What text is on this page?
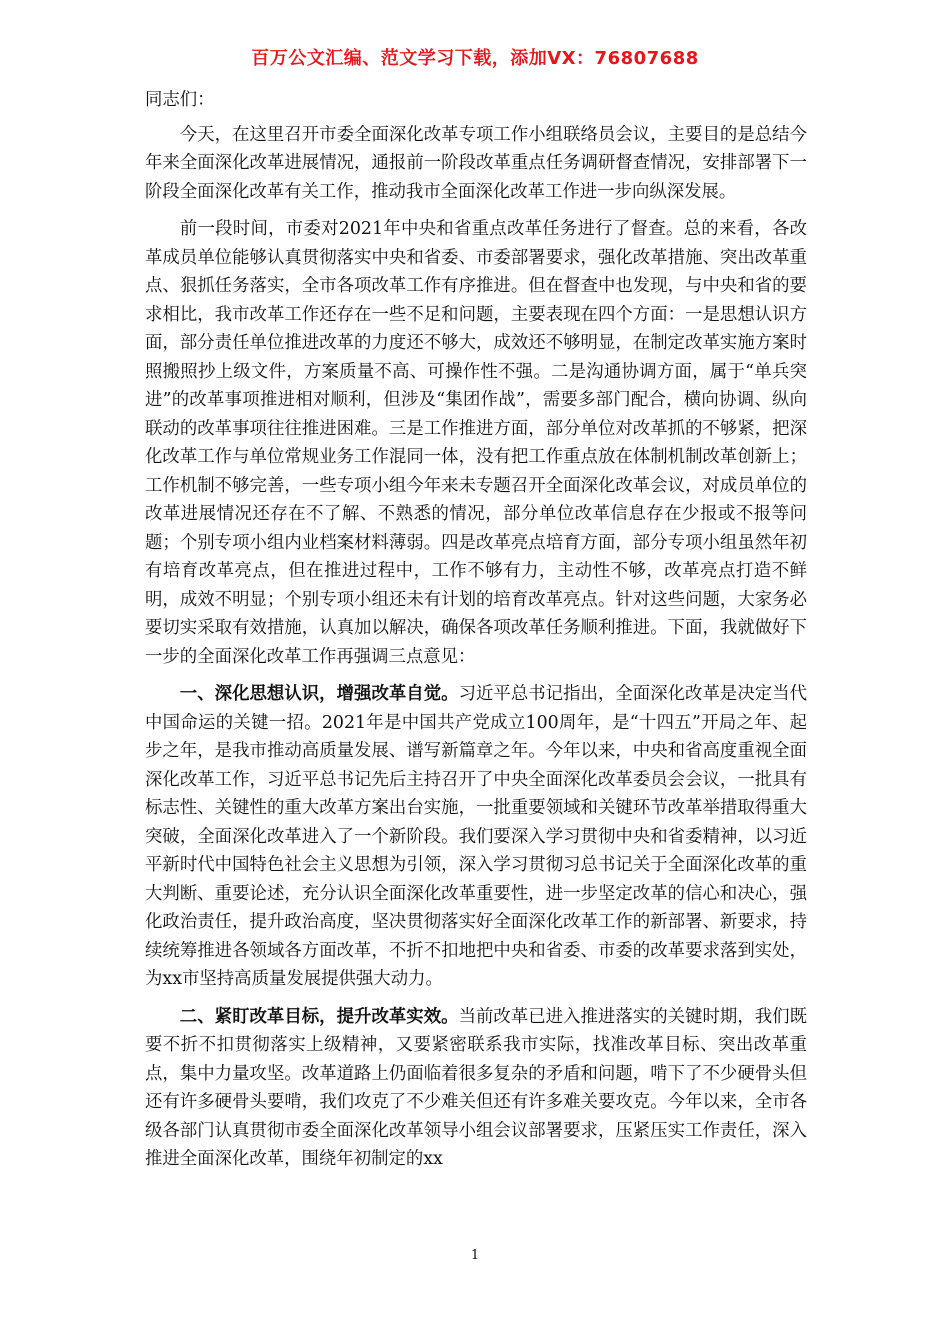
百万公文汇编、范文学习下载，添加VX：76807688

同志们：

今天，在这里召开市委全面深化改革专项工作小组联络员会议，主要目的是总结今年来全面深化改革进展情况，通报前一阶段改革重点任务调研督查情况，安排部署下一阶段全面深化改革有关工作，推动我市全面深化改革工作进一步向纵深发展。

前一段时间，市委对2021年中央和省重点改革任务进行了督查。总的来看，各改革成员单位能够认真贯彻落实中央和省委、市委部署要求，强化改革措施、突出改革重点、狠抓任务落实，全市各项改革工作有序推进。但在督查中也发现，与中央和省的要求相比，我市改革工作还存在一些不足和问题，主要表现在四个方面：一是思想认识方面，部分责任单位推进改革的力度还不够大，成效还不够明显，在制定改革实施方案时照搬照抄上级文件，方案质量不高、可操作性不强。二是沟通协调方面，属于“单兵突进”的改革事项推进相对顺利，但涉及“集团作战”，需要多部门配合，横向协调、纵向联动的改革事项往往推进困难。三是工作推进方面，部分单位对改革抓的不够紧，把深化改革工作与单位常规业务工作混同一体，没有把工作重点放在体制机制改革创新上；工作机制不够完善，一些专项小组今年来未专题召开全面深化改革会议，对成员单位的改革进展情况还存在不了解、不熟悉的情况，部分单位改革信息存在少报或不报等问题；个别专项小组内业档案材料薄弱。四是改革亮点培育方面，部分专项小组虽然年初有培育改革亮点，但在推进过程中，工作不够有力，主动性不够，改革亮点打造不鲜明，成效不明显；个别专项小组还未有计划的培育改革亮点。针对这些问题，大家务必要切实采取有效措施，认真加以解决，确保各项改革任务顺利推进。下面，我就做好下一步的全面深化改革工作再强调三点意见：

一、深化思想认识，增强改革自觉。习近平总书记指出，全面深化改革是决定当代中国命运的关键一招。2021年是中国共产党成立100周年，是“十四五”开局之年、起步之年，是我市推动高质量发展、谱写新篇章之年。今年以来，中央和省高度重视全面深化改革工作，习近平总书记先后主持召开了中央全面深化改革委员会会议，一批具有标志性、关键性的重大改革方案出台实施，一批重要领域和关键环节改革举措取得重大突破，全面深化改革进入了一个新阶段。我们要深入学习贯彻中央和省委精神，以习近平新时代中国特色社会主义思想为引领，深入学习贯彻习总书记关于全面深化改革的重大判断、重要论述，充分认识全面深化改革重要性，进一步坚定改革的信心和决心，强化政治责任，提升政治高度，坚决贯彻落实好全面深化改革工作的新部署、新要求，持续统筹推进各领域各方面改革，不折不扣地把中央和省委、市委的改革要求落到实处，为xx市坚持高质量发展提供强大动力。

二、紧盯改革目标，提升改革实效。当前改革已进入推进落实的关键时期，我们既要不折不扣贯彻落实上级精神，又要紧密联系我市实际，找准改革目标、突出改革重点，集中力量攻坚。改革道路上仍面临着很多复杂的矛盾和问题，啃下了不少硬骨头但还有许多硬骨头要啃，我们攻克了不少难关但还有许多难关要攻克。今年以来，全市各级各部门认真贯彻市委全面深化改革领导小组会议部署要求，压紧压实工作责任，深入推进全面深化改革，围绕年初制定的xx

1
